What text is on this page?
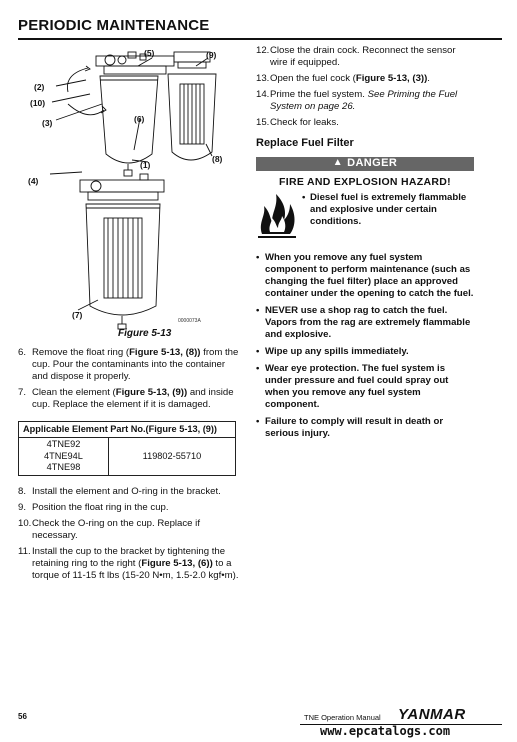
PERIODIC MAINTENANCE
(5)	(9)
(2)
(10)
(3)	(6)
(1)
(8)
(4)
(7)
0000073A
Figure 5-13
6. Remove the float ring (Figure 5-13, (8)) from the cup. Pour the contaminants into the container and dispose it properly.
7. Clean the element (Figure 5-13, (9)) and inside cup. Replace the element if it is damaged.
Applicable Element Part No.(Figure 5-13, (9))

4TNE92
4TNE94L
4TNE98
	119802-55710
8. Install the element and O-ring in the bracket.
9. Position the float ring in the cup.
10. Check the O-ring on the cup. Replace if necessary.
11. Install the cup to the bracket by tightening the retaining ring to the right (Figure 5-13, (6)) to a torque of 11-15 ft lbs (15-20 N•m, 1.5-2.0 kgf•m).
12. Close the drain cock. Reconnect the sensor wire if equipped.
13. Open the fuel cock (Figure 5-13, (3)).
14. Prime the fuel system. See Priming the Fuel System on page 26.
15. Check for leaks.
Replace Fuel Filter
▲ DANGER
FIRE AND EXPLOSION HAZARD!
• Diesel fuel is extremely flammable and explosive under certain conditions.
• When you remove any fuel system component to perform maintenance (such as changing the fuel filter) place an approved container under the opening to catch the fuel.
• NEVER use a shop rag to catch the fuel. Vapors from the rag are extremely flammable and explosive.
• Wipe up any spills immediately.
• Wear eye protection. The fuel system is under pressure and fuel could spray out when you remove any fuel system component.
• Failure to comply will result in death or serious injury.
56	TNE Operation Manual YANMAR
www.epcatalogs.com
